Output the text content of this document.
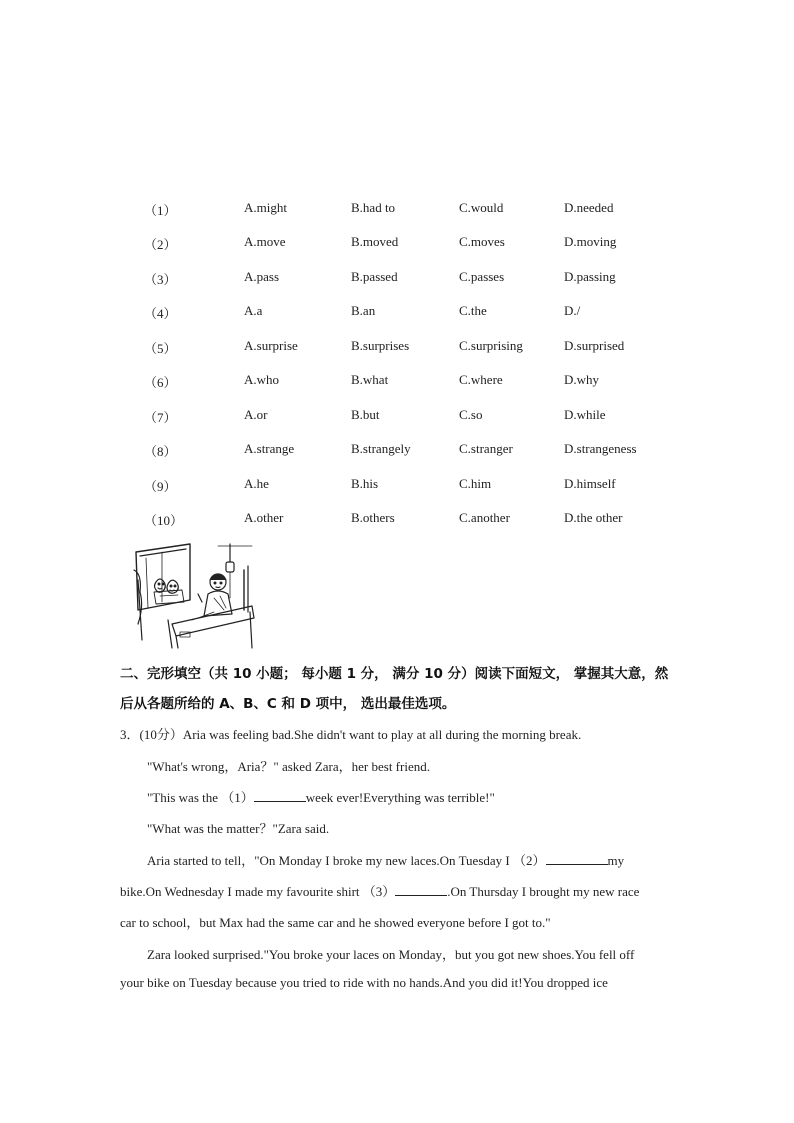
（1）	A.might	B.had to	C.would	D.needed
（2）	A.move	B.moved	C.moves	D.moving
（3）	A.pass	B.passed	C.passes	D.passing
（4）	A.a	B.an	C.the	D./
（5）	A.surprise	B.surprises	C.surprising	D.surprised
（6）	A.who	B.what	C.where	D.why
（7）	A.or	B.but	C.so	D.while
（8）	A.strange	B.strangely	C.stranger	D.strangeness
（9）	A.he	B.his	C.him	D.himself
（10）	A.other	B.others	C.another	D.the other
二、完形填空（共 10 小题； 每小题 1 分， 满分 10 分）阅读下面短文， 掌握其大意，然
后从各题所给的 A、B、C 和 D 项中， 选出最佳选项。
3．(10分）Aria was feeling bad.She didn't want to play at all during the morning break.
"What's wrong，Aria？" asked Zara，her best friend.
"This was the （1）	week ever!Everything was terrible!"
"What was the matter？"Zara said.
Aria started to tell，"On Monday I broke my new laces.On Tuesday I （2）	my
bike.On Wednesday I made my favourite shirt （3）	.On Thursday I brought my new race
car to school，but Max had the same car and he showed everyone before I got to."
Zara looked surprised."You broke your laces on Monday，but you got new shoes.You fell off
your bike on Tuesday because you tried to ride with no hands.And you did it!You dropped ice
